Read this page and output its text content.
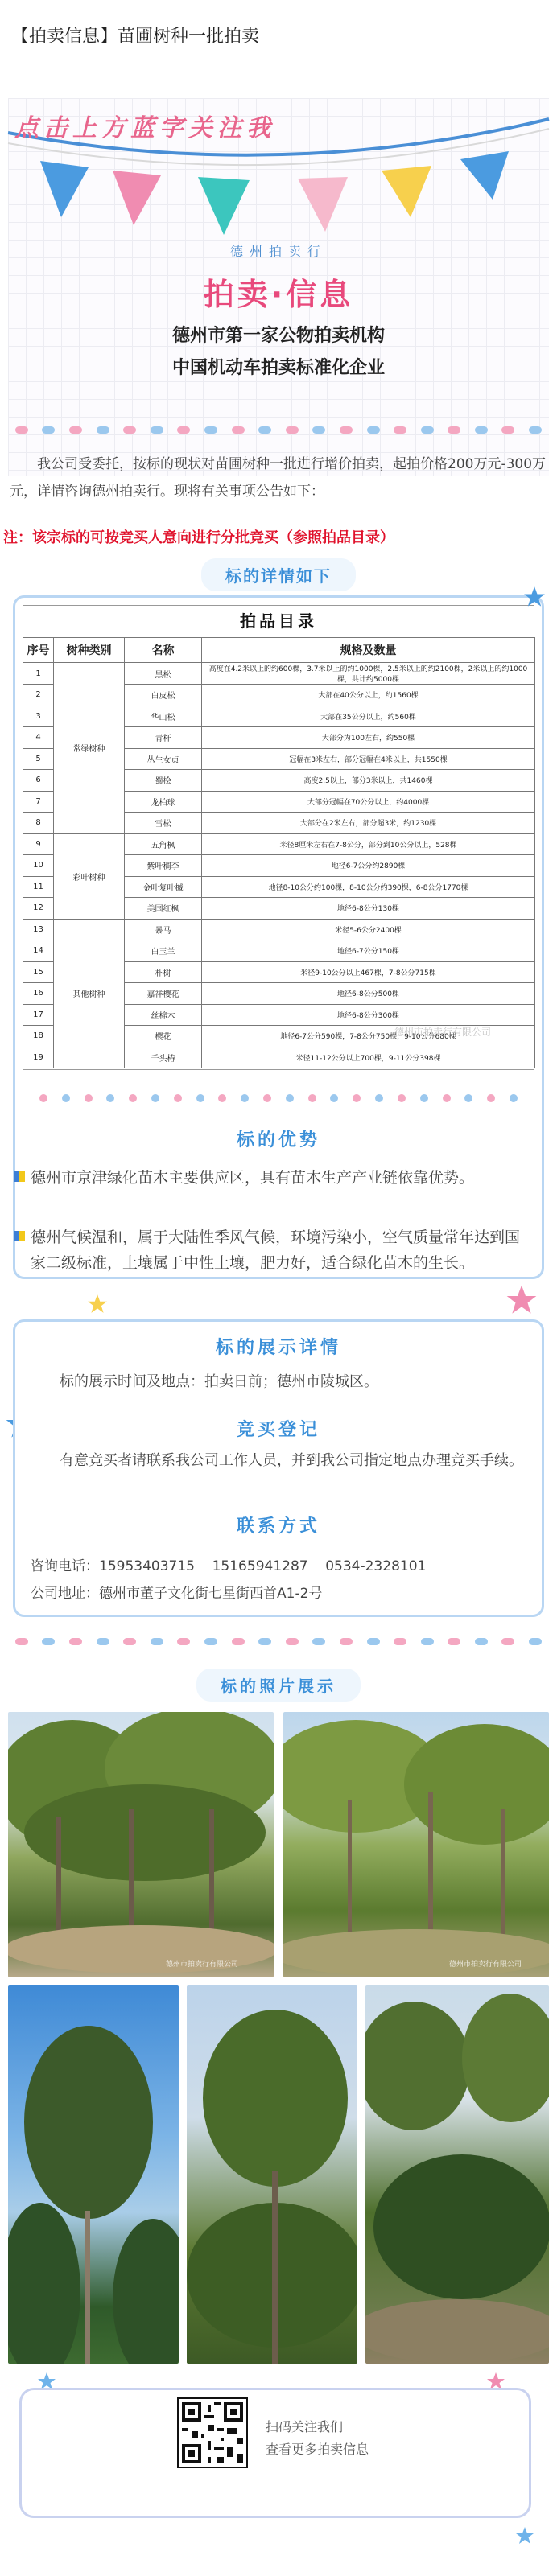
【拍卖信息】苗圃树种一批拍卖
点击上方蓝字关注我
德州拍卖行
拍卖·信息
德州市第一家公物拍卖机构
中国机动车拍卖标准化企业
我公司受委托，按标的现状对苗圃树种一批进行增价拍卖，起拍价格200万元-300万元，详情咨询德州拍卖行。现将有关事项公告如下：
注：该宗标的可按竞买人意向进行分批竞买（参照拍品目录）
标的详情如下
拍品目录
序号	树种类别	名称	规格及数量
1	常绿树种	黑松	高度在4.2米以上的约600棵，3.7米以上的约1000棵，2.5米以上的约2100棵，2米以上的约1000棵，共计约5000棵
2		白皮松	大部在40公分以上，约1560棵
3		华山松	大部在35公分以上，约560棵
4		青杆	大部分为100左右，约550棵
5		丛生女贞	冠幅在3米左右，部分冠幅在4米以上，共1550棵
6		蜀桧	高度2.5以上，部分3米以上，共1460棵
7		龙柏球	大部分冠幅在70公分以上，约4000棵
8		雪松	大部分在2米左右，部分超3米，约1230棵
9	彩叶树种	五角枫	米径8厘米左右在7-8公分，部分到10公分以上，528棵
10		紫叶稠李	地径6-7公分约2890棵
11		金叶复叶槭	地径8-10公分约100棵，8-10公分约390棵，6-8公分1770棵
12		美国红枫	地径6-8公分130棵
13	其他树种	暴马	米径5-6公分2400棵
14		白玉兰	地径6-7公分150棵
15		朴树	米径9-10公分以上467棵，7-8公分715棵
16		嘉祥樱花	地径6-8公分500棵
17		丝棉木	地径6-8公分300棵
18		樱花	地径6-7公分590棵，7-8公分750棵，9-10公分680棵
19		千头椿	米径11-12公分以上700棵，9-11公分398棵
德州市拍卖行有限公司
标的优势
德州市京津绿化苗木主要供应区，具有苗木生产产业链依靠优势。
德州气候温和，属于大陆性季风气候，环境污染小，空气质量常年达到国家二级标准，土壤属于中性土壤，肥力好，适合绿化苗木的生长。
标的展示详情
标的展示时间及地点：拍卖日前；德州市陵城区。
竞买登记
有意竞买者请联系我公司工作人员，并到我公司指定地点办理竞买手续。
联系方式
咨询电话：15953403715 15165941287 0534-2328101
公司地址：德州市董子文化街七星街西首A1-2号
标的照片展示
德州市拍卖行有限公司	德州市拍卖行有限公司
扫码关注我们
查看更多拍卖信息
